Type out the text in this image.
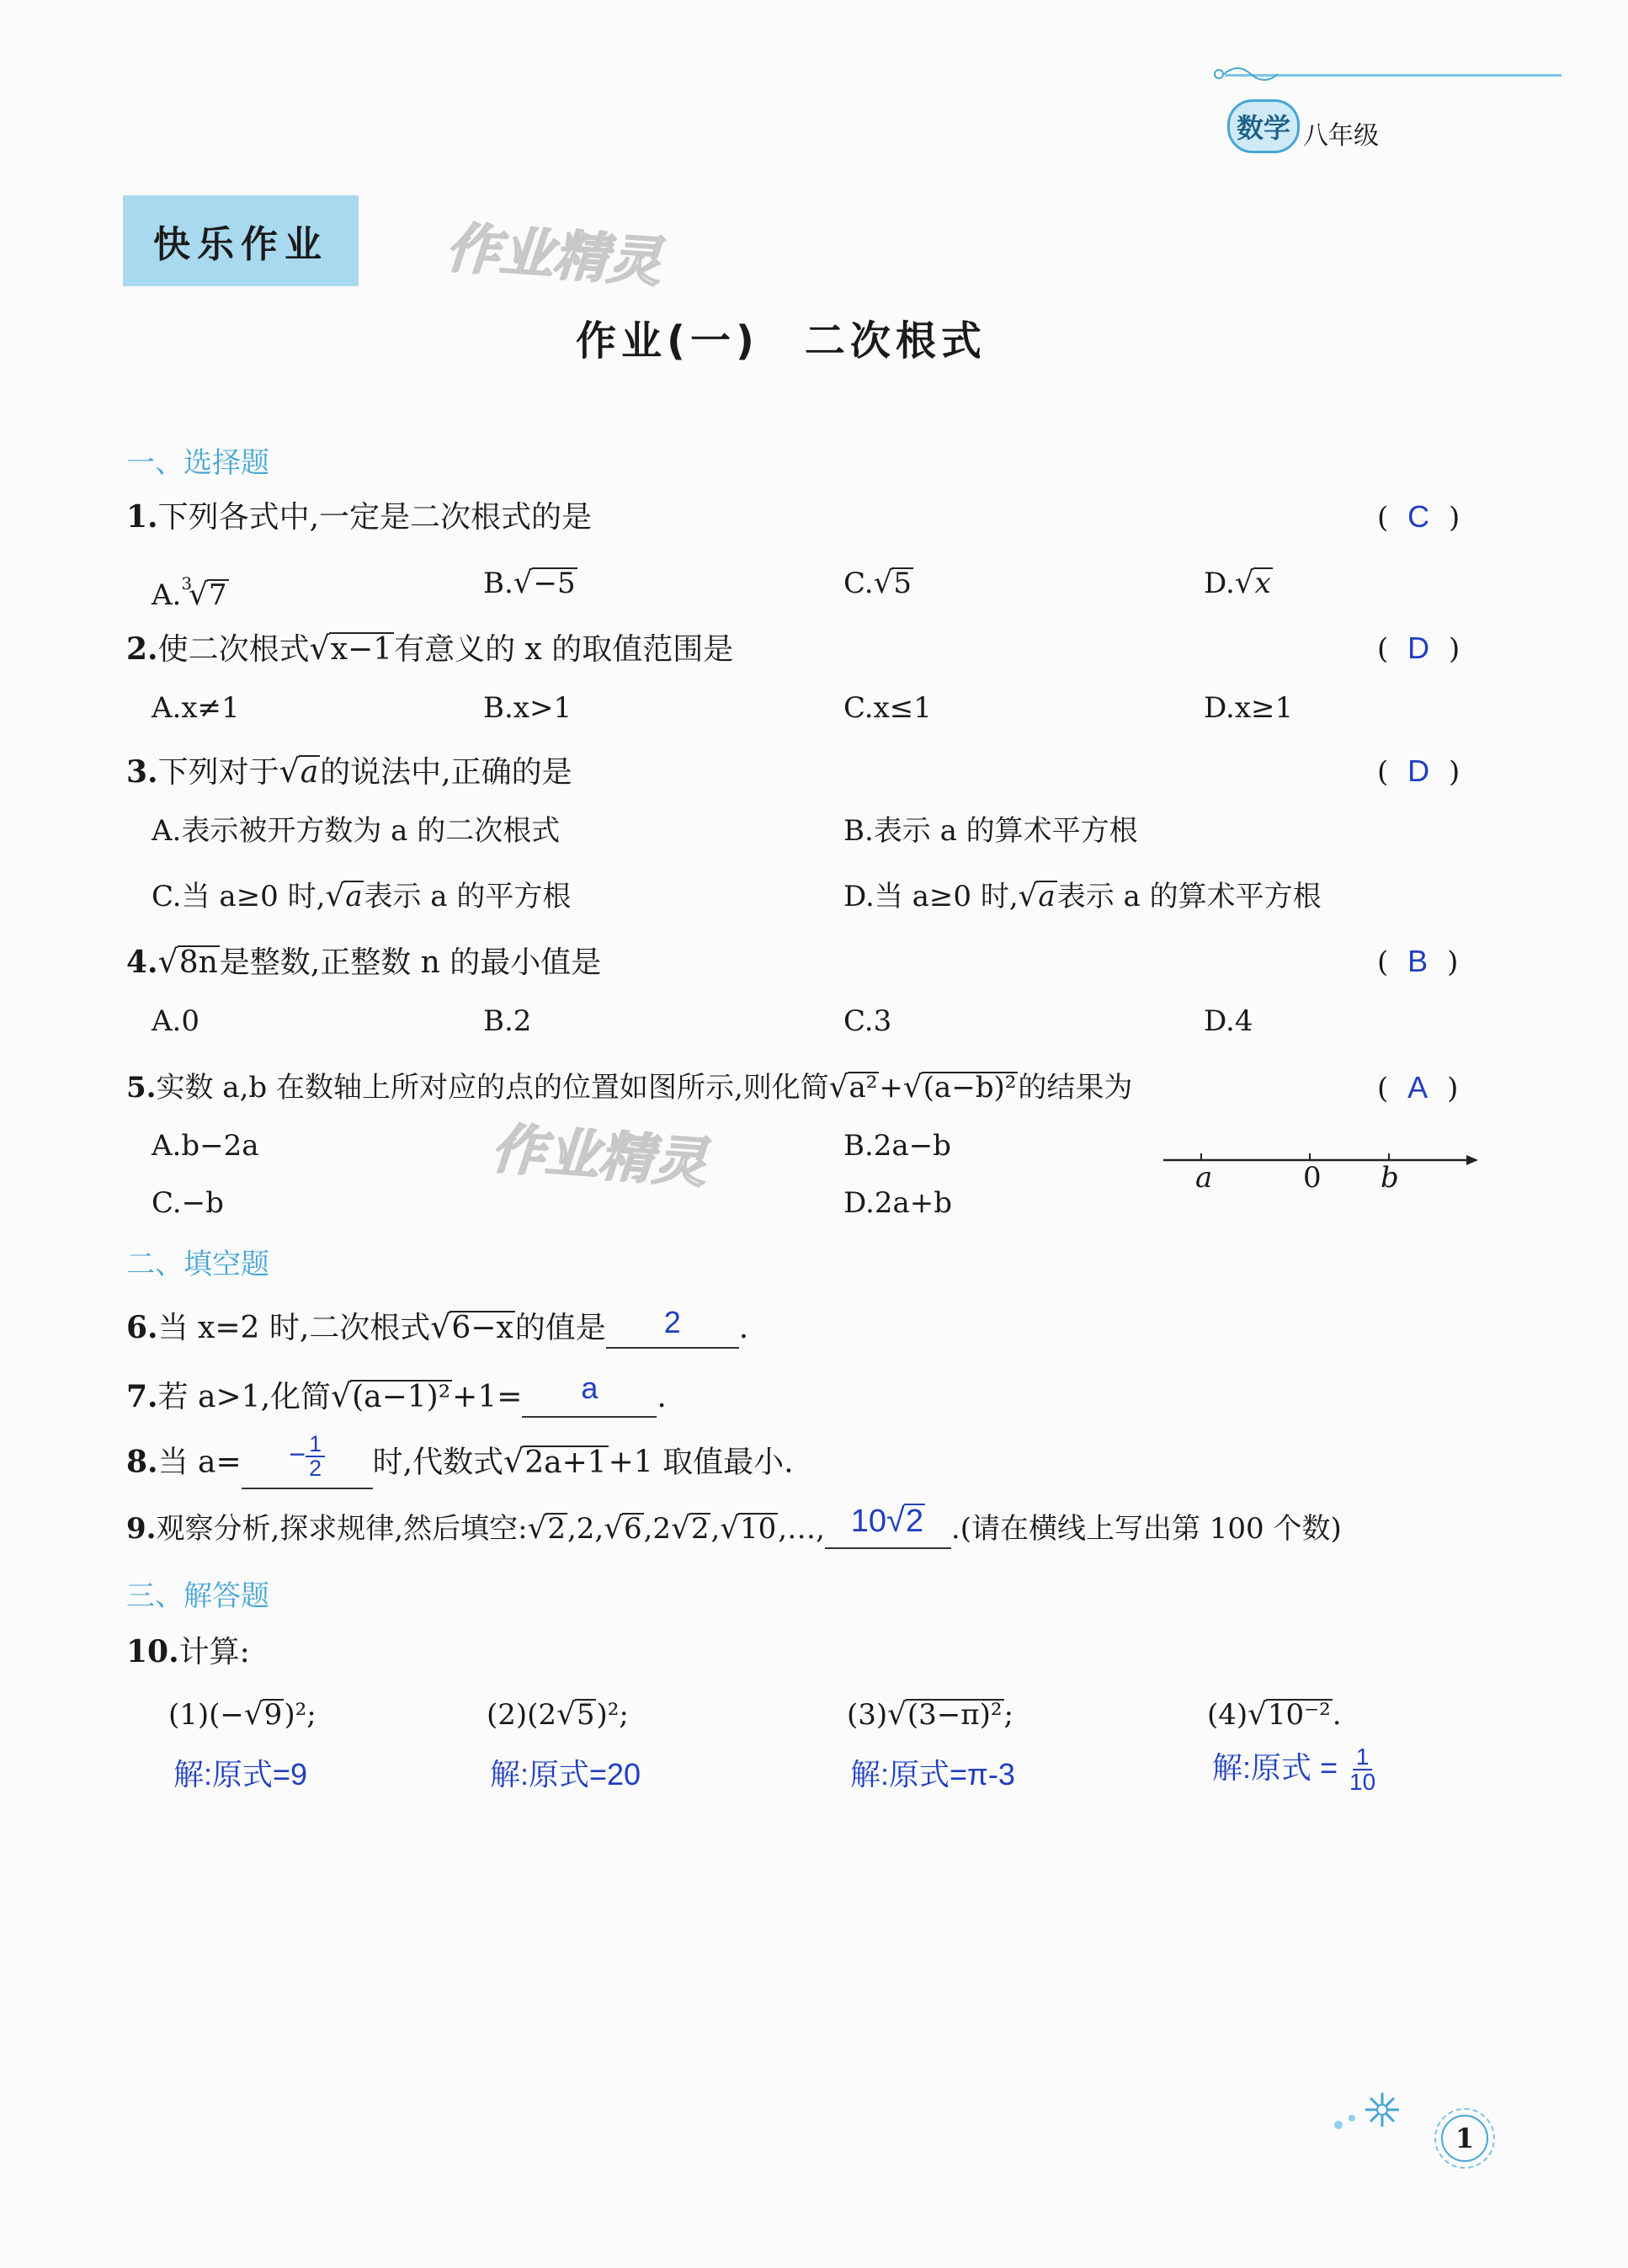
数学 八年级
快乐作业 作业精灵
作业(一)　二次根式
一、选择题
1.下列各式中,一定是二次根式的是	( C )
A.$^3$√7	B.√−5	C.√5	D.√x
2.使二次根式√x−1有意义的 x 的取值范围是	( D )
A.x≠1	B.x>1	C.x≤1	D.x≥1
3.下列对于√a的说法中,正确的是	( D )
A.表示被开方数为 a 的二次根式	B.表示 a 的算术平方根
C.当 a≥0 时,√a表示 a 的平方根	D.当 a≥0 时,√a表示 a 的算术平方根
4.√8n是整数,正整数 n 的最小值是	( B )
A.0	B.2	C.3	D.4
5.实数 a,b 在数轴上所对应的点的位置如图所示,则化简√a²+√(a−b)²的结果为	( A )
A.b−2a	B.2a−b
C.−b	D.2a+b
作业精灵	a	0 b
二、填空题
6.当 x=2 时,二次根式√6−x的值是 2 .
7.若 a>1,化简√(a−1)²+1= a .
8.当 $a= - \frac{1}{2}$ 时,代数式√2a+1+1 取值最小.
9.观察分析,探求规律,然后填空:√2,2,√6,2√2,√10,…, 10√2 .(请在横线上写出第 100 个数)
三、解答题
10.计算:
(1)(−√9)²;	(2)(2√5)²;	(3)√(3−π)²;	(4)√10⁻².
解:原式=9	解:原式=20	解:原式=π-3	解:原式 = $\frac{1}{10}$
1
